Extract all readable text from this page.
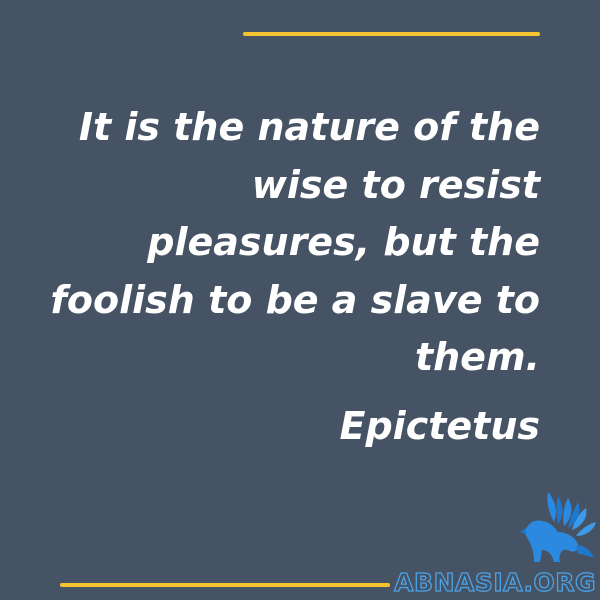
It is the nature of the
wise to resist
pleasures, but the
foolish to be a slave to
them.
Epictetus
ABNASIA.ORG
